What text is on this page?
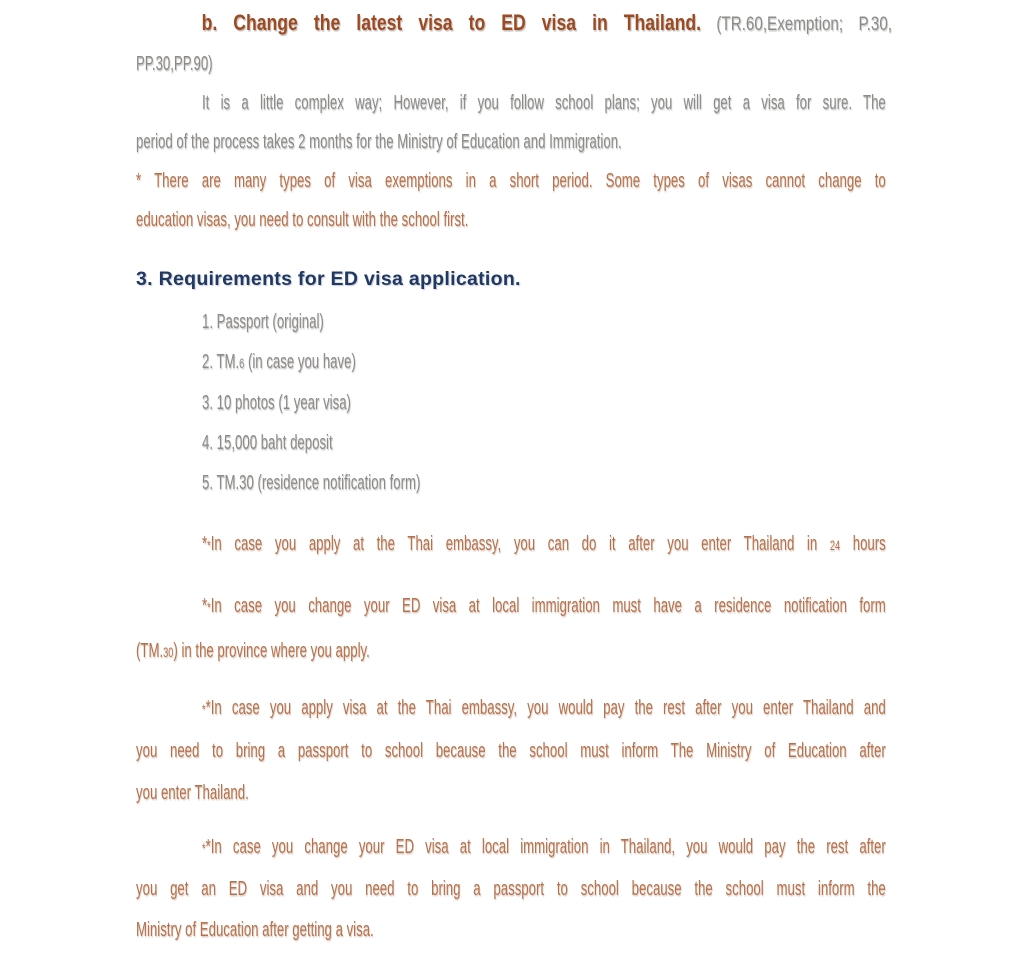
b. Change the latest visa to ED visa in Thailand. (TR.60,Exemption; P.30,
PP.30,PP.90)
It is a little complex way; However, if you follow school plans; you will get a visa for sure. The
period of the process takes 2 months for the Ministry of Education and Immigration.
* There are many types of visa exemptions in a short period. Some types of visas cannot change to
education visas, you need to consult with the school first.
3. Requirements for ED visa application.
1. Passport (original)
2. TM.6 (in case you have)
3. 10 photos (1 year visa)
4. 15,000 baht deposit
5. TM.30 (residence notification form)
**In case you apply at the Thai embassy, you can do it after you enter Thailand in 24 hours
**In case you change your ED visa at local immigration must have a residence notification form
(TM.30) in the province where you apply.
**In case you apply visa at the Thai embassy, you would pay the rest after you enter Thailand and
you need to bring a passport to school because the school must inform The Ministry of Education after
you enter Thailand.
**In case you change your ED visa at local immigration in Thailand, you would pay the rest after
you get an ED visa and you need to bring a passport to school because the school must inform the
Ministry of Education after getting a visa.
